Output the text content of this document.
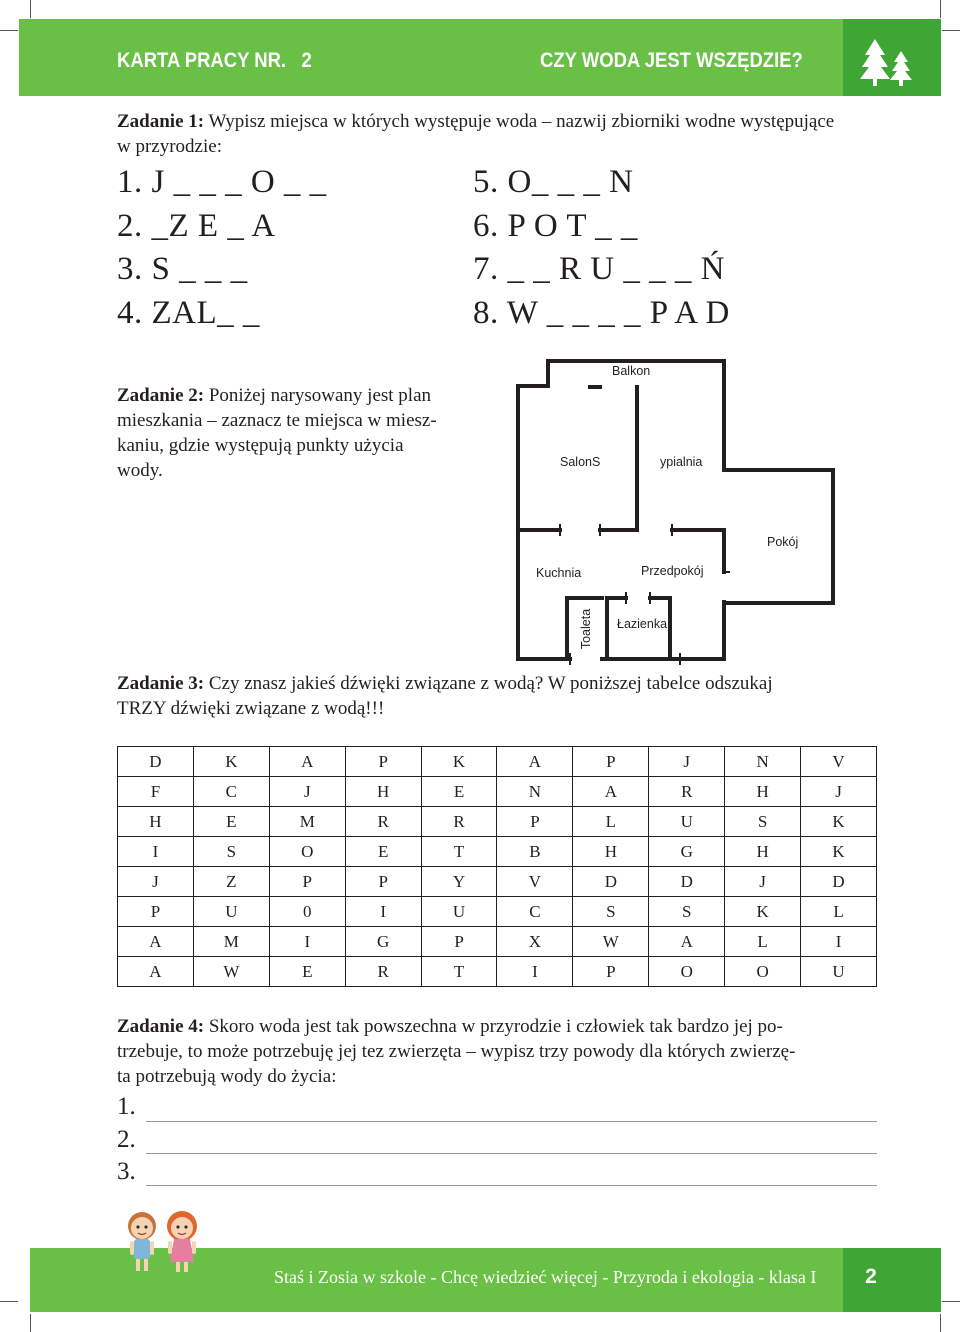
KARTA PRACY NR.   2	CZY WODA JEST WSZĘDZIE?
Zadanie 1: Wypisz miejsca w których występuje woda – nazwij zbiorniki wodne występujące w przyrodzie:
1. J _ _ _ O _ _
2. _Z E _ A
3. S _ _ _
4. ZAL_ _
5. O_ _ _ N
6. P O T _ _
7. _ _ R U _ _ _ Ń
8. W _ _ _ _ P A D
Zadanie 2: Poniżej narysowany jest plan
mieszkania – zaznacz te miejsca w miesz-
kaniu, gdzie występują punkty użycia
wody.
Balkon
SalonS	ypialnia
Pokój
Kuchnia	Przedpokój
Toaleta Łazienka
Zadanie 3: Czy znasz jakieś dźwięki związane z wodą? W poniższej tabelce odszukaj
TRZY dźwięki związane z wodą!!!
D	K	A	P	K	A	P	J	N	V
F	C	J	H	E	N	A	R	H	J
H	E	M	R	R	P	L	U	S	K
I	S	O	E	T	B	H	G	H	K
J	Z	P	P	Y	V	D	D	J	D
P	U	0	I	U	C	S	S	K	L
A	M	I	G	P	X	W	A	L	I
A	W	E	R	T	I	P	O	O	U
Zadanie 4: Skoro woda jest tak powszechna w przyrodzie i człowiek tak bardzo jej po-
trzebuje, to może potrzebuję jej tez zwierzęta – wypisz trzy powody dla których zwierzę-
ta potrzebują wody do życia:
1.
2.
3.
Staś i Zosia w szkole - Chcę wiedzieć więcej - Przyroda i ekologia - klasa I	2
